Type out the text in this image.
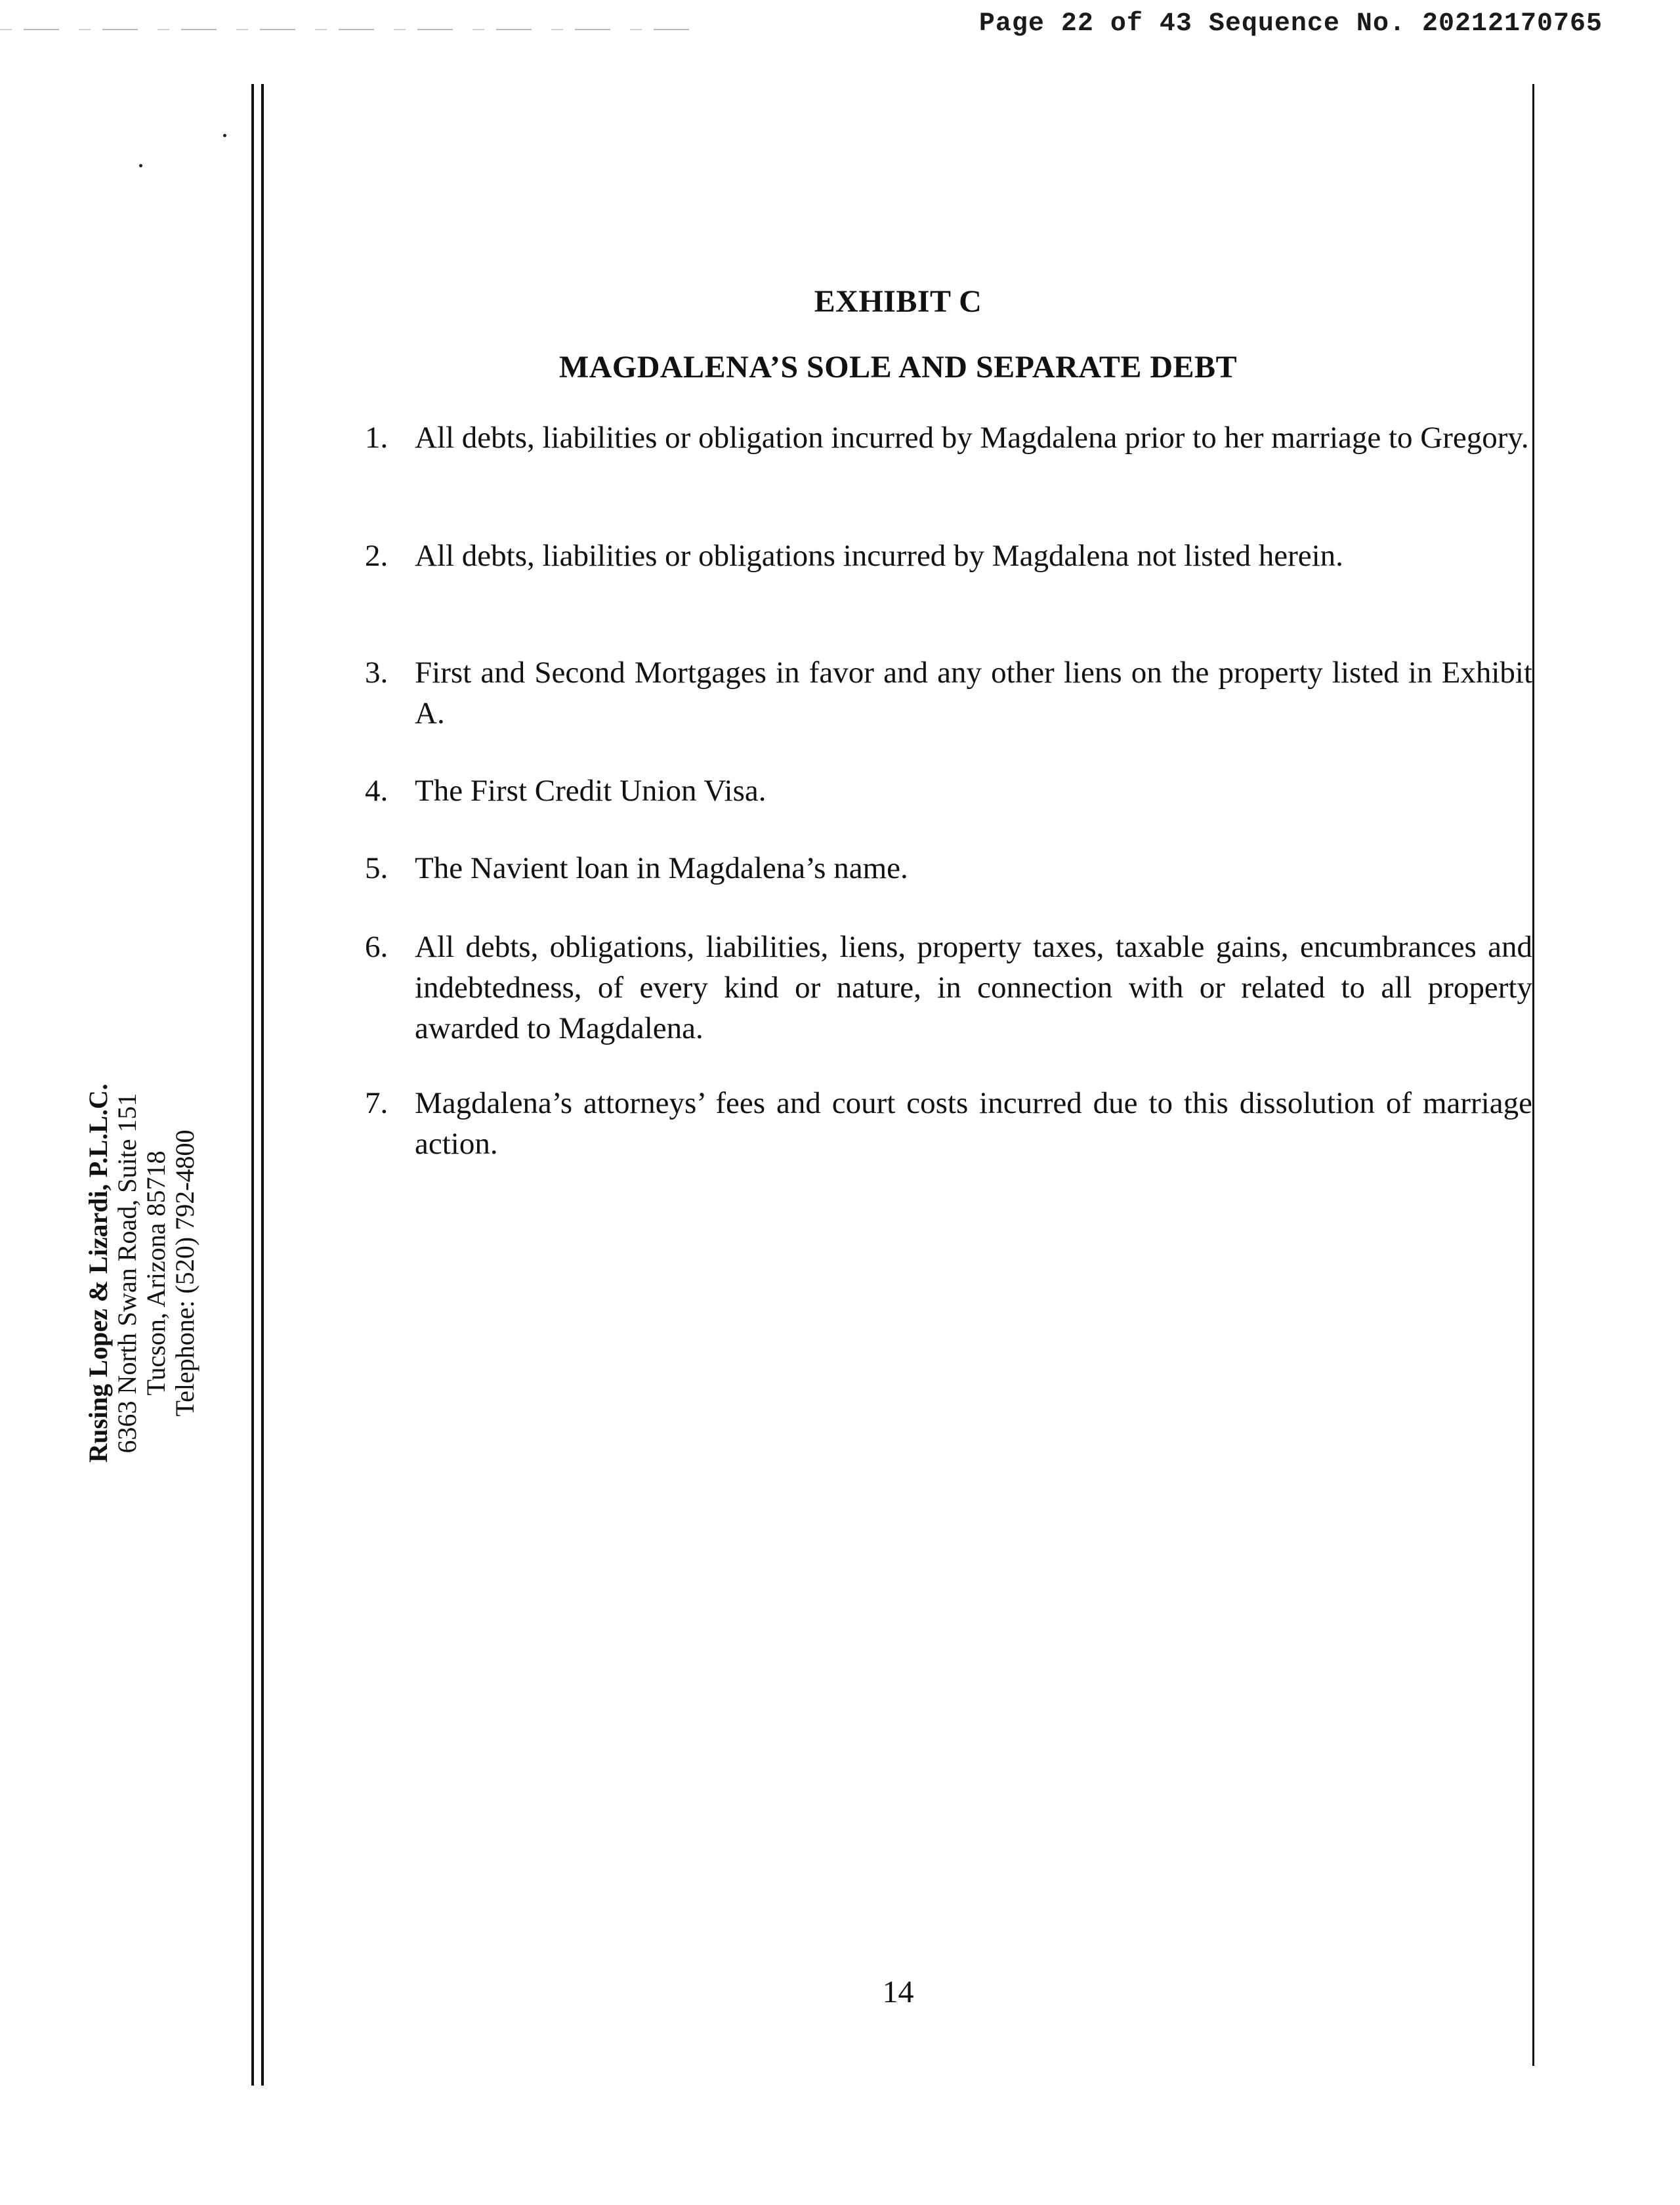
Page 22 of 43 Sequence No. 20212170765
Rusing Lopez & Lizardi, P.L.L.C. 6363 North Swan Road, Suite 151 Tucson, Arizona 85718 Telephone: (520) 792-4800
EXHIBIT C
MAGDALENA’S SOLE AND SEPARATE DEBT
1. All debts, liabilities or obligation incurred by Magdalena prior to her marriage to Gregory.
2. All debts, liabilities or obligations incurred by Magdalena not listed herein.
3. First and Second Mortgages in favor and any other liens on the property listed in Exhibit A.
4. The First Credit Union Visa.
5. The Navient loan in Magdalena’s name.
6. All debts, obligations, liabilities, liens, property taxes, taxable gains, encumbrances and indebtedness, of every kind or nature, in connection with or related to all property awarded to Magdalena.
7. Magdalena’s attorneys’ fees and court costs incurred due to this dissolution of marriage action.
14
